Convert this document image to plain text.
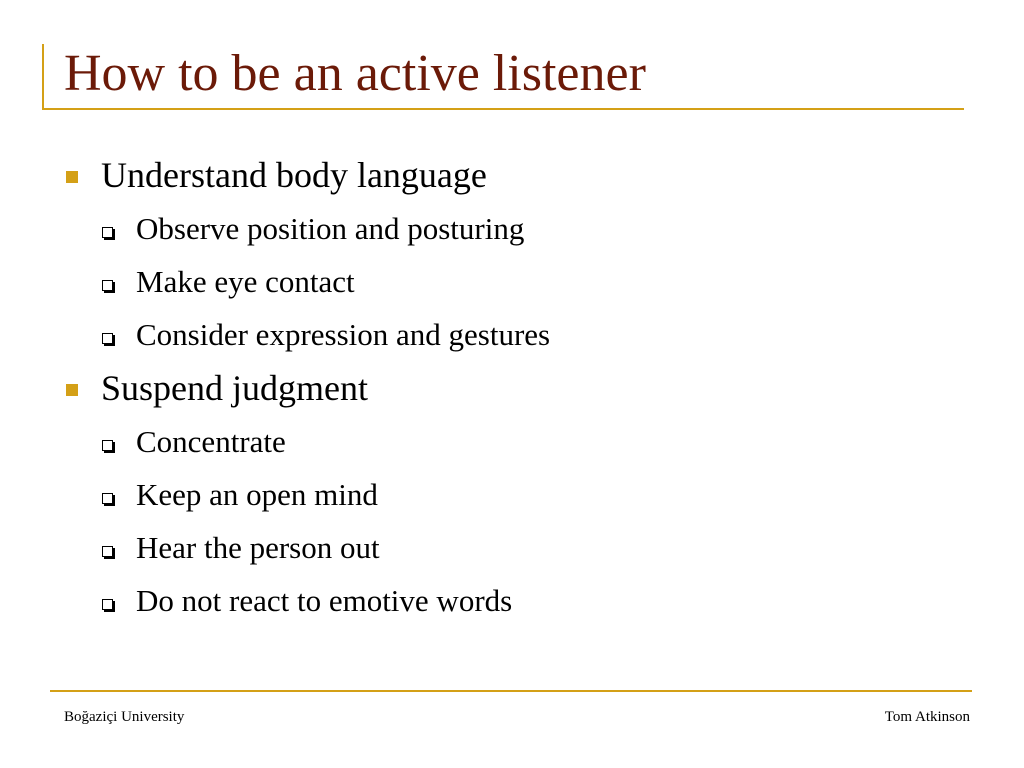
How to be an active listener
Understand body language
Observe position and posturing
Make eye contact
Consider expression and gestures
Suspend judgment
Concentrate
Keep an open mind
Hear the person out
Do not react to emotive words
Boğaziçi University	Tom Atkinson
